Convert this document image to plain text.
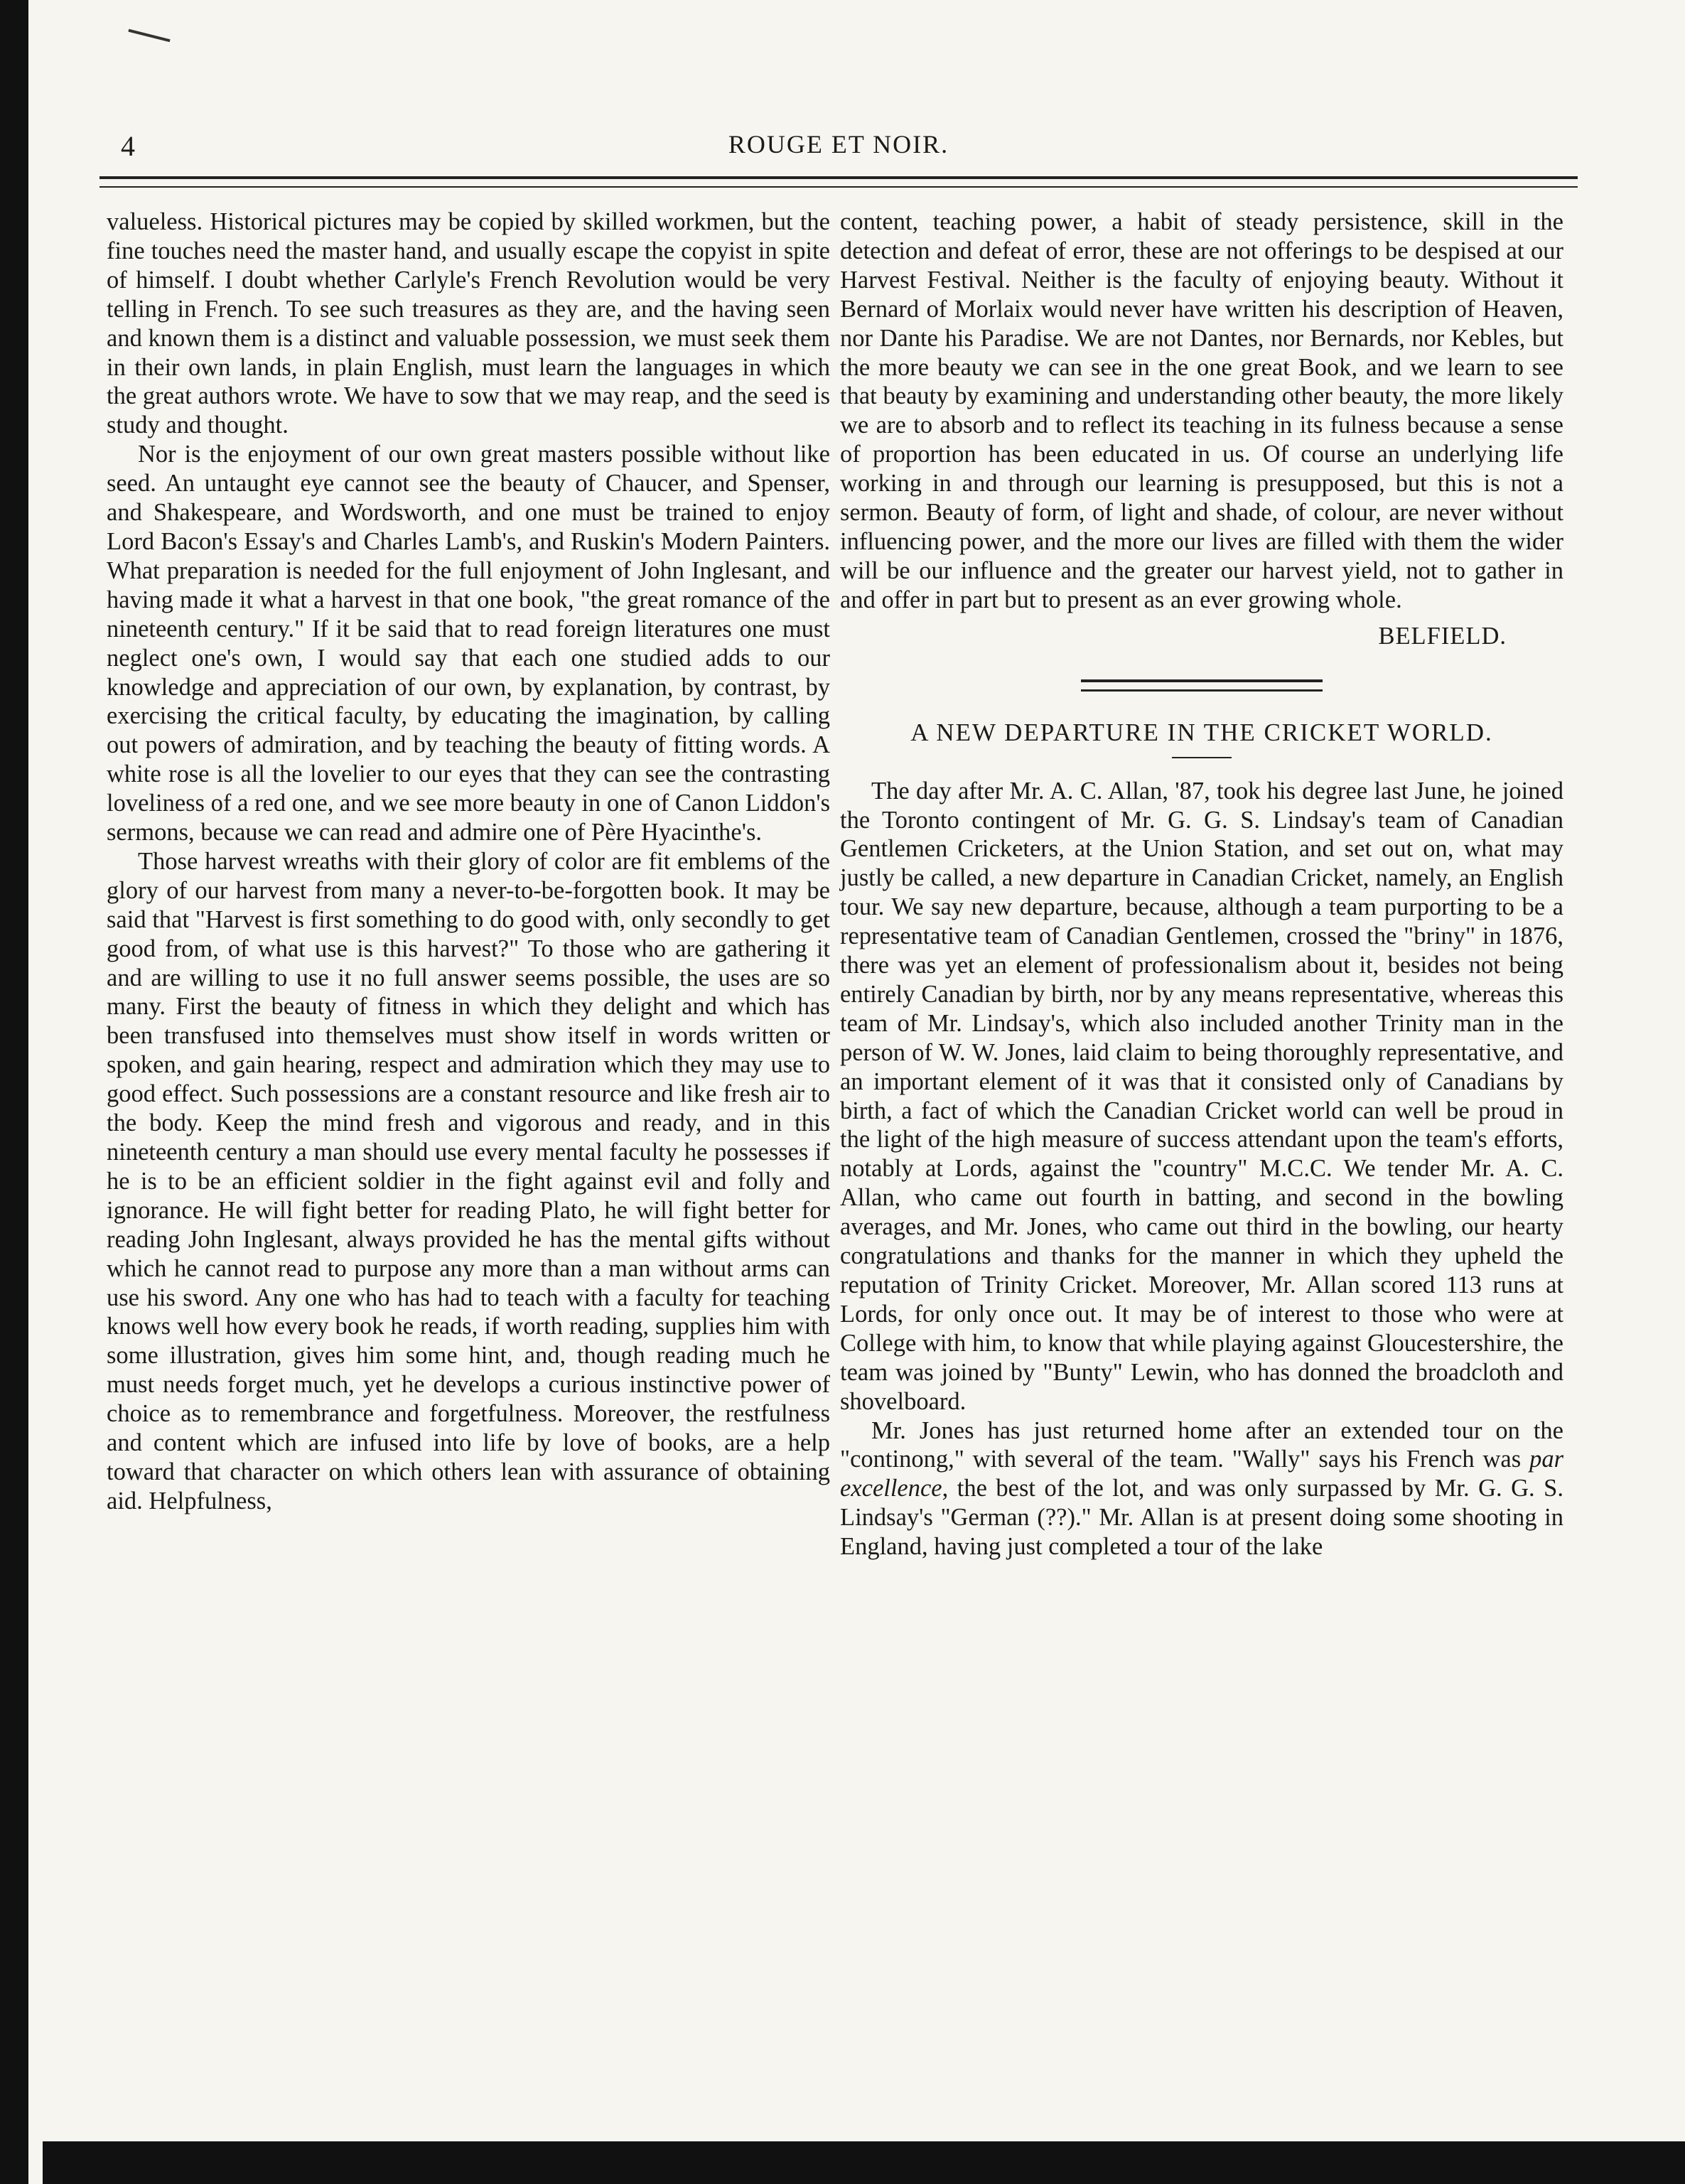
4	ROUGE ET NOIR.

valueless. Historical pictures may be copied by skilled workmen, but the fine touches need the master hand, and usually escape the copyist in spite of himself. I doubt whether Carlyle's French Revolution would be very telling in French. To see such treasures as they are, and the having seen and known them is a distinct and valuable possession, we must seek them in their own lands, in plain English, must learn the languages in which the great authors wrote. We have to sow that we may reap, and the seed is study and thought.

Nor is the enjoyment of our own great masters possible without like seed. An untaught eye cannot see the beauty of Chaucer, and Spenser, and Shakespeare, and Wordsworth, and one must be trained to enjoy Lord Bacon's Essay's and Charles Lamb's, and Ruskin's Modern Painters. What preparation is needed for the full enjoyment of John Inglesant, and having made it what a harvest in that one book, "the great romance of the nineteenth century." If it be said that to read foreign literatures one must neglect one's own, I would say that each one studied adds to our knowledge and appreciation of our own, by explanation, by contrast, by exercising the critical faculty, by educating the imagination, by calling out powers of admiration, and by teaching the beauty of fitting words. A white rose is all the lovelier to our eyes that they can see the contrasting loveliness of a red one, and we see more beauty in one of Canon Liddon's sermons, because we can read and admire one of Père Hyacinthe's.

Those harvest wreaths with their glory of color are fit emblems of the glory of our harvest from many a never-to-be-forgotten book. It may be said that "Harvest is first something to do good with, only secondly to get good from, of what use is this harvest?" To those who are gathering it and are willing to use it no full answer seems possible, the uses are so many. First the beauty of fitness in which they delight and which has been transfused into themselves must show itself in words written or spoken, and gain hearing, respect and admiration which they may use to good effect. Such possessions are a constant resource and like fresh air to the body. Keep the mind fresh and vigorous and ready, and in this nineteenth century a man should use every mental faculty he possesses if he is to be an efficient soldier in the fight against evil and folly and ignorance. He will fight better for reading Plato, he will fight better for reading John Inglesant, always provided he has the mental gifts without which he cannot read to purpose any more than a man without arms can use his sword. Any one who has had to teach with a faculty for teaching knows well how every book he reads, if worth reading, supplies him with some illustration, gives him some hint, and, though reading much he must needs forget much, yet he develops a curious instinctive power of choice as to remembrance and forgetfulness. Moreover, the restfulness and content which are infused into life by love of books, are a help toward that character on which others lean with assurance of obtaining aid. Helpfulness,

content, teaching power, a habit of steady persistence, skill in the detection and defeat of error, these are not offerings to be despised at our Harvest Festival. Neither is the faculty of enjoying beauty. Without it Bernard of Morlaix would never have written his description of Heaven, nor Dante his Paradise. We are not Dantes, nor Bernards, nor Kebles, but the more beauty we can see in the one great Book, and we learn to see that beauty by examining and understanding other beauty, the more likely we are to absorb and to reflect its teaching in its fulness because a sense of proportion has been educated in us. Of course an underlying life working in and through our learning is presupposed, but this is not a sermon. Beauty of form, of light and shade, of colour, are never without influencing power, and the more our lives are filled with them the wider will be our influence and the greater our harvest yield, not to gather in and offer in part but to present as an ever growing whole.

BELFIELD.

A NEW DEPARTURE IN THE CRICKET WORLD.

The day after Mr. A. C. Allan, '87, took his degree last June, he joined the Toronto contingent of Mr. G. G. S. Lindsay's team of Canadian Gentlemen Cricketers, at the Union Station, and set out on, what may justly be called, a new departure in Canadian Cricket, namely, an English tour. We say new departure, because, although a team purporting to be a representative team of Canadian Gentlemen, crossed the "briny" in 1876, there was yet an element of professionalism about it, besides not being entirely Canadian by birth, nor by any means representative, whereas this team of Mr. Lindsay's, which also included another Trinity man in the person of W. W. Jones, laid claim to being thoroughly representative, and an important element of it was that it consisted only of Canadians by birth, a fact of which the Canadian Cricket world can well be proud in the light of the high measure of success attendant upon the team's efforts, notably at Lords, against the "country" M.C.C. We tender Mr. A. C. Allan, who came out fourth in batting, and second in the bowling averages, and Mr. Jones, who came out third in the bowling, our hearty congratulations and thanks for the manner in which they upheld the reputation of Trinity Cricket. Moreover, Mr. Allan scored 113 runs at Lords, for only once out. It may be of interest to those who were at College with him, to know that while playing against Gloucestershire, the team was joined by "Bunty" Lewin, who has donned the broadcloth and shovelboard.

Mr. Jones has just returned home after an extended tour on the "continong," with several of the team. "Wally" says his French was par excellence, the best of the lot, and was only surpassed by Mr. G. G. S. Lindsay's "German (??)." Mr. Allan is at present doing some shooting in England, having just completed a tour of the lake
